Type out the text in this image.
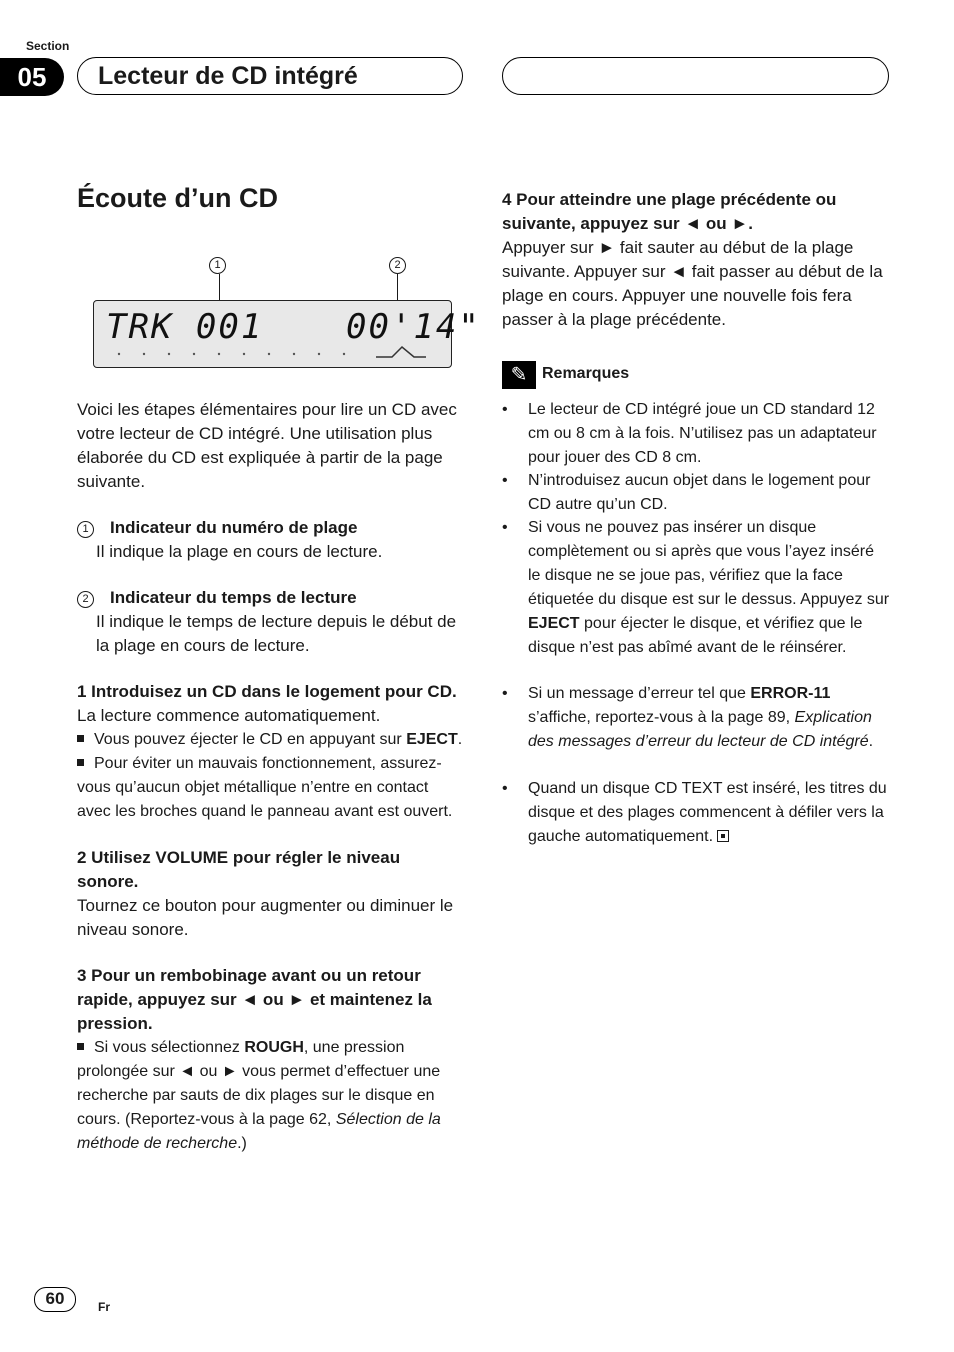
Section
05	Lecteur de CD intégré
Écoute d’un CD
1	2
TRK 001 00'14"

Voici les étapes élémentaires pour lire un CD avec votre lecteur de CD intégré. Une utilisation plus élaborée du CD est expliquée à partir de la page suivante.

1 Indicateur du numéro de plage

Il indique la plage en cours de lecture.

2 Indicateur du temps de lecture

Il indique le temps de lecture depuis le début de la plage en cours de lecture.

1 Introduisez un CD dans le logement pour CD.

La lecture commence automatiquement.

Vous pouvez éjecter le CD en appuyant sur EJECT.

Pour éviter un mauvais fonctionnement, assurez-vous qu’aucun objet métallique n’entre en contact avec les broches quand le panneau avant est ouvert.

2 Utilisez VOLUME pour régler le niveau sonore.

Tournez ce bouton pour augmenter ou diminuer le niveau sonore.

3 Pour un rembobinage avant ou un retour rapide, appuyez sur ◄ ou ► et maintenez la pression.

Si vous sélectionnez ROUGH, une pression prolongée sur ◄ ou ► vous permet d’effectuer une recherche par sauts de dix plages sur le disque en cours. (Reportez-vous à la page 62, Sélection de la méthode de recherche.)

4 Pour atteindre une plage précédente ou suivante, appuyez sur ◄ ou ►.

Appuyer sur ► fait sauter au début de la plage suivante. Appuyer sur ◄ fait passer au début de la plage en cours. Appuyer une nouvelle fois fera passer à la plage précédente.

✎ Remarques
• Le lecteur de CD intégré joue un CD standard 12 cm ou 8 cm à la fois. N’utilisez pas un adaptateur pour jouer des CD 8 cm.
• N’introduisez aucun objet dans le logement pour CD autre qu’un CD.
• Si vous ne pouvez pas insérer un disque complètement ou si après que vous l’ayez inséré le disque ne se joue pas, vérifiez que la face étiquetée du disque est sur le dessus. Appuyez sur EJECT pour éjecter le disque, et vérifiez que le disque n’est pas abîmé avant de le réinsérer.
• Si un message d’erreur tel que ERROR-11 s’affiche, reportez-vous à la page 89, Explication des messages d’erreur du lecteur de CD intégré.
• Quand un disque CD TEXT est inséré, les titres du disque et des plages commencent à défiler vers la gauche automatiquement.
60	Fr
